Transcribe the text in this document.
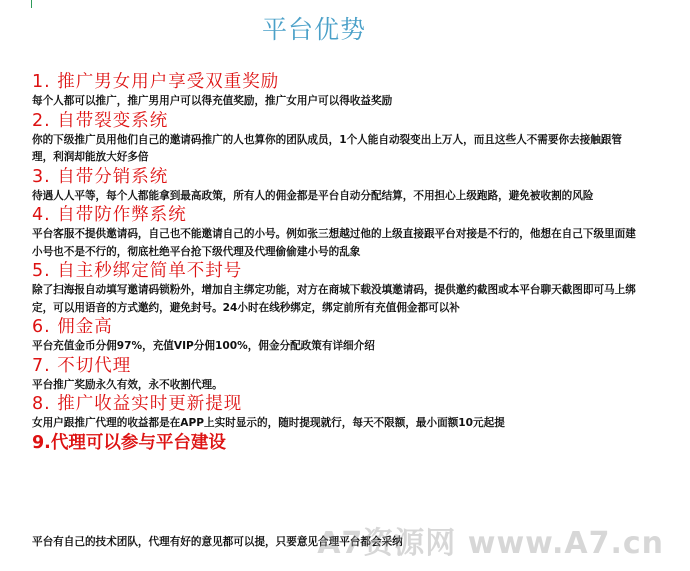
平台优势
1. 推广男女用户享受双重奖励
每个人都可以推广，推广男用户可以得充值奖励，推广女用户可以得收益奖励
2. 自带裂变系统
你的下级推广员用他们自己的邀请码推广的人也算你的团队成员，1个人能自动裂变出上万人，而且这些人不需要你去接触跟管理，利润却能放大好多倍
3. 自带分销系统
待遇人人平等，每个人都能拿到最高政策，所有人的佣金都是平台自动分配结算，不用担心上级跑路，避免被收割的风险
4. 自带防作弊系统
平台客服不提供邀请码，自己也不能邀请自己的小号。例如张三想越过他的上级直接跟平台对接是不行的，他想在自己下级里面建小号也不是不行的，彻底杜绝平台抢下级代理及代理偷偷建小号的乱象
5. 自主秒绑定简单不封号
除了扫海报自动填写邀请码锁粉外，增加自主绑定功能，对方在商城下载没填邀请码，提供邀约截图或本平台聊天截图即可马上绑定，可以用语音的方式邀约，避免封号。24小时在线秒绑定，绑定前所有充值佣金都可以补
6. 佣金高
平台充值金币分佣97%，充值VIP分佣100%，佣金分配政策有详细介绍
7. 不切代理
平台推广奖励永久有效，永不收割代理。
8. 推广收益实时更新提现
女用户跟推广代理的收益都是在APP上实时显示的，随时提现就行，每天不限额，最小面额10元起提
9.代理可以参与平台建设
平台有自己的技术团队，代理有好的意见都可以提，只要意见合理平台都会采纳
A7资源网 www.A7.cn
